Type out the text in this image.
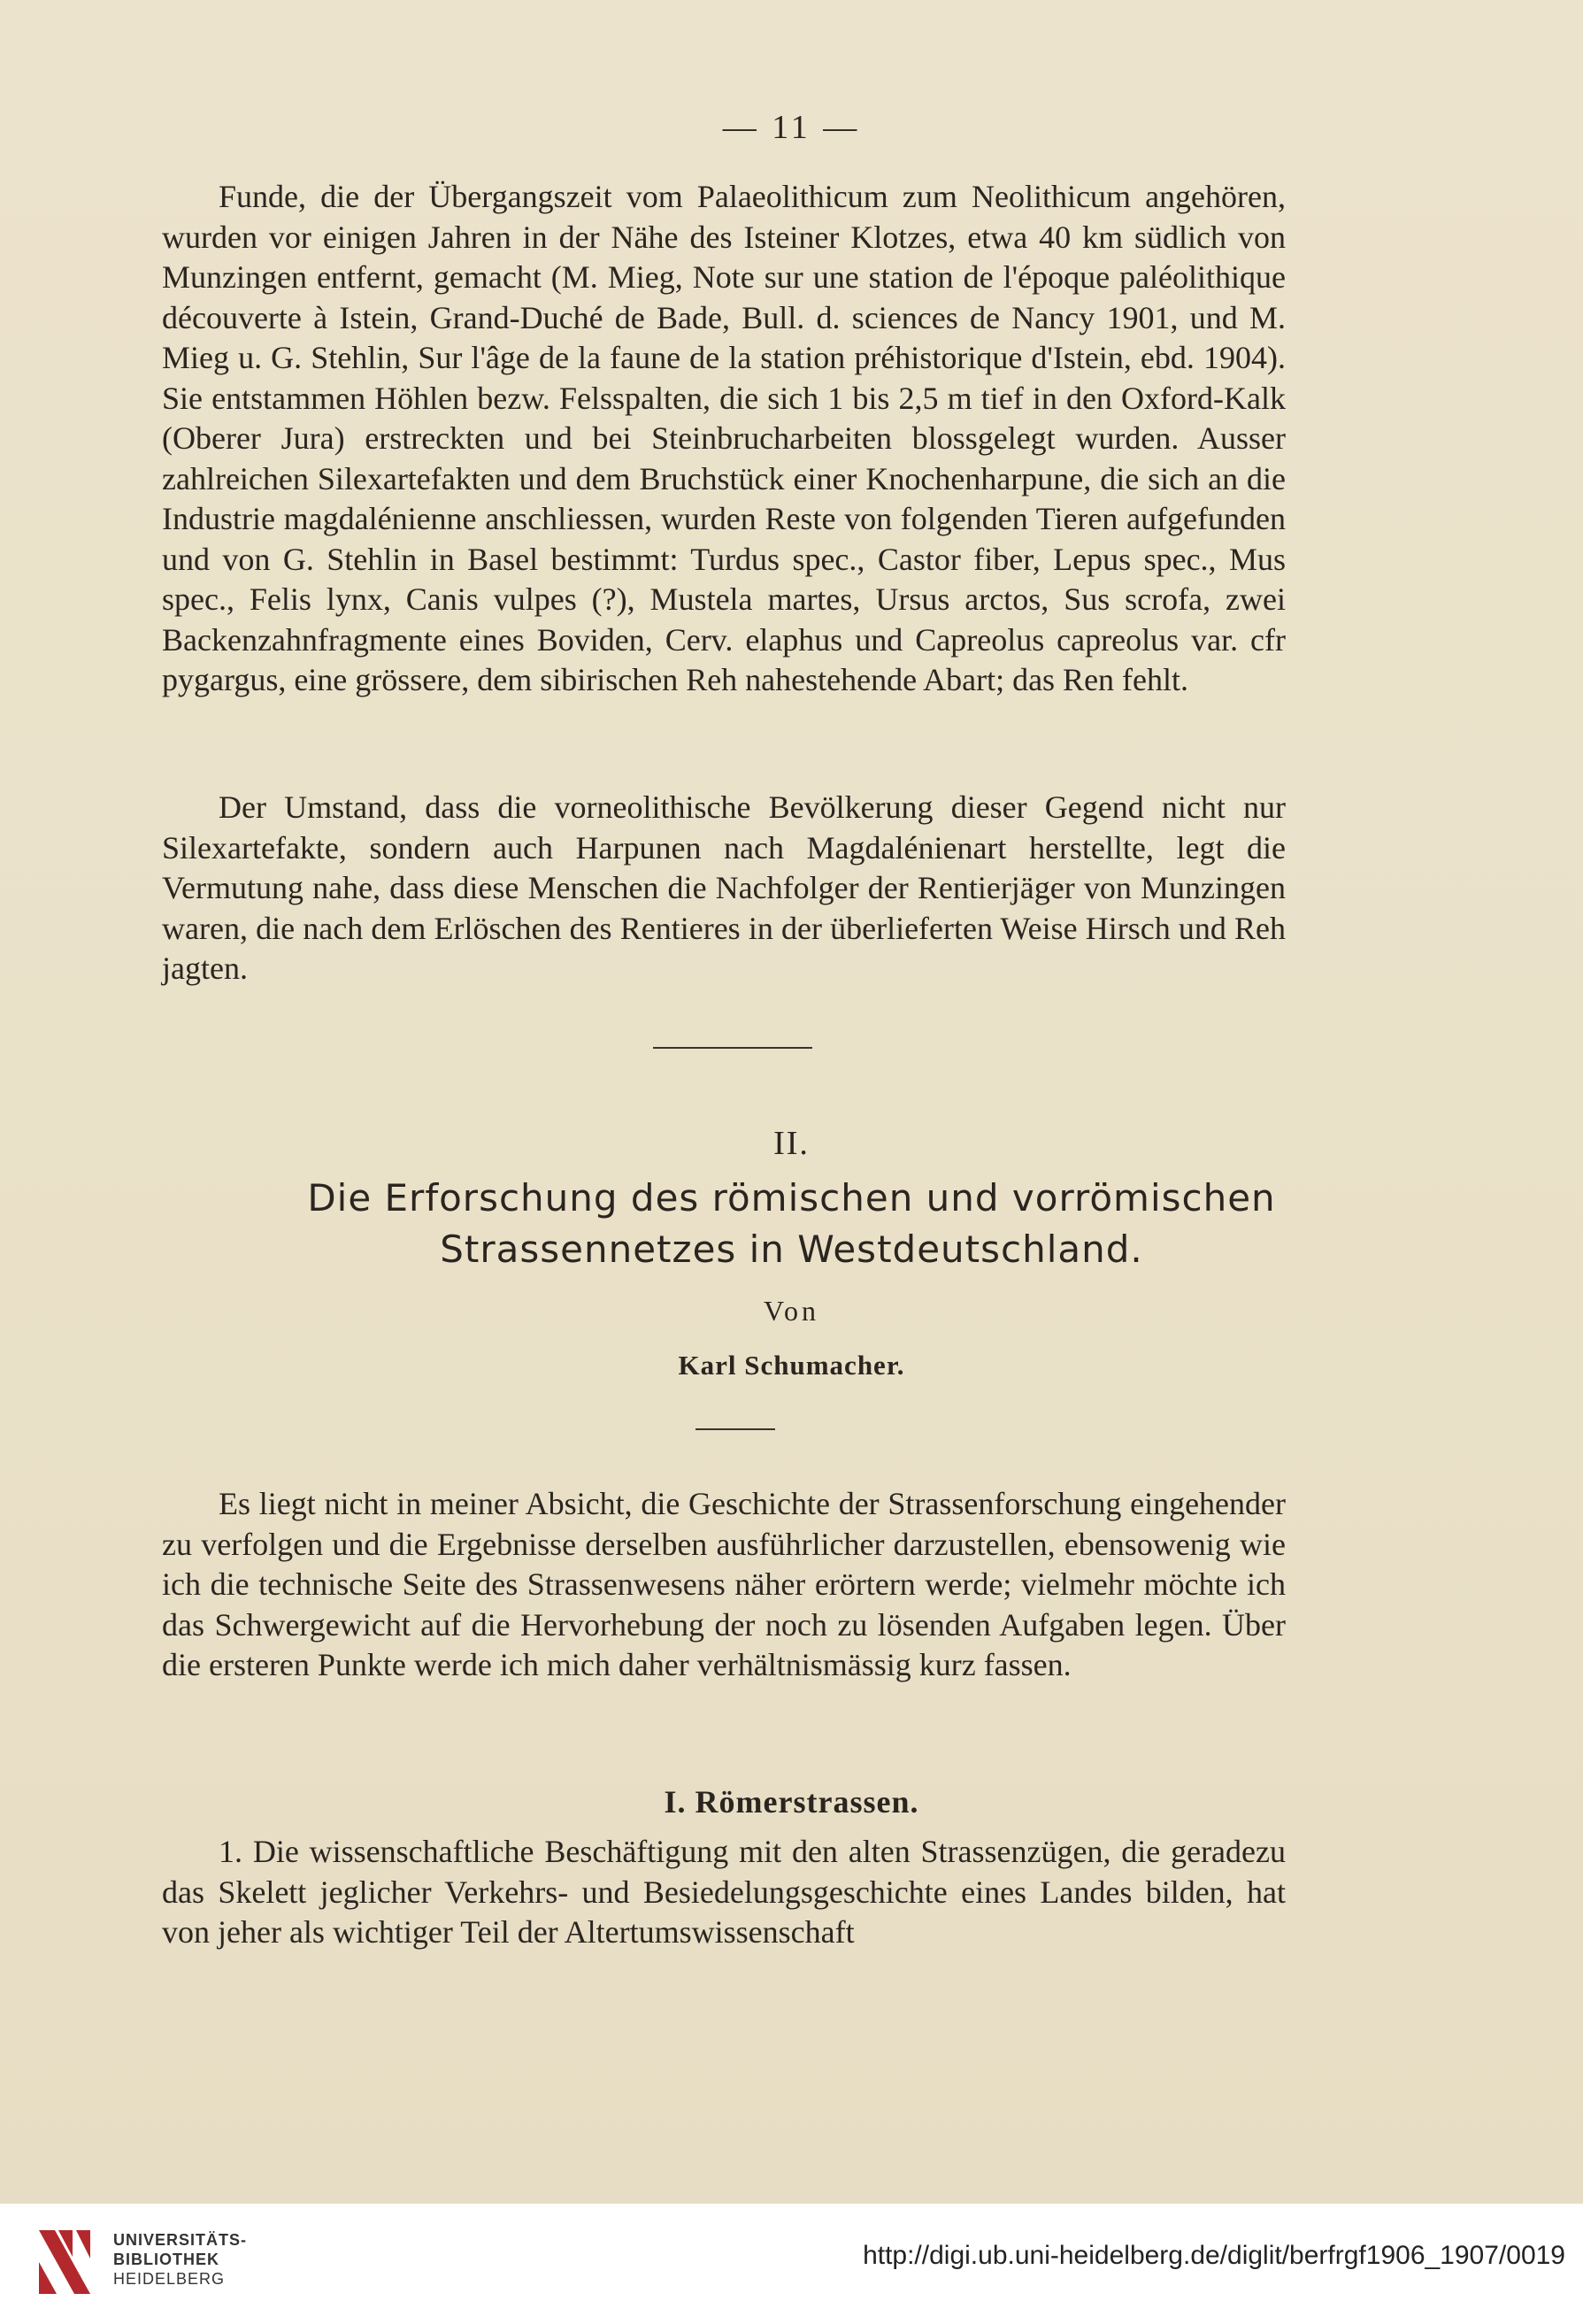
— 11 —

Funde, die der Übergangszeit vom Palaeolithicum zum Neolithicum angehören, wurden vor einigen Jahren in der Nähe des Isteiner Klotzes, etwa 40 km südlich von Munzingen entfernt, gemacht (M. Mieg, Note sur une station de l'époque paléolithique découverte à Istein, Grand-Duché de Bade, Bull. d. sciences de Nancy 1901, und M. Mieg u. G. Stehlin, Sur l'âge de la faune de la station préhistorique d'Istein, ebd. 1904). Sie entstammen Höhlen bezw. Felsspalten, die sich 1 bis 2,5 m tief in den Oxford-Kalk (Oberer Jura) erstreckten und bei Steinbrucharbeiten blossgelegt wurden. Ausser zahlreichen Silexartefakten und dem Bruchstück einer Knochenharpune, die sich an die Industrie magdalénienne anschliessen, wurden Reste von folgenden Tieren aufgefunden und von G. Stehlin in Basel bestimmt: Turdus spec., Castor fiber, Lepus spec., Mus spec., Felis lynx, Canis vulpes (?), Mustela martes, Ursus arctos, Sus scrofa, zwei Backenzahnfragmente eines Boviden, Cerv. elaphus und Capreolus capreolus var. cfr pygargus, eine grössere, dem sibirischen Reh nahestehende Abart; das Ren fehlt.

Der Umstand, dass die vorneolithische Bevölkerung dieser Gegend nicht nur Silexartefakte, sondern auch Harpunen nach Magdalénienart herstellte, legt die Vermutung nahe, dass diese Menschen die Nachfolger der Rentierjäger von Munzingen waren, die nach dem Erlöschen des Rentieres in der überlieferten Weise Hirsch und Reh jagten.

II.
Die Erforschung des römischen und vorrömischen
Strassennetzes in Westdeutschland.
Von
Karl Schumacher.

Es liegt nicht in meiner Absicht, die Geschichte der Strassenforschung eingehender zu verfolgen und die Ergebnisse derselben ausführlicher darzustellen, ebensowenig wie ich die technische Seite des Strassenwesens näher erörtern werde; vielmehr möchte ich das Schwergewicht auf die Hervorhebung der noch zu lösenden Aufgaben legen. Über die ersteren Punkte werde ich mich daher verhältnismässig kurz fassen.

I. Römerstrassen.

1. Die wissenschaftliche Beschäftigung mit den alten Strassenzügen, die geradezu das Skelett jeglicher Verkehrs- und Besiedelungsgeschichte eines Landes bilden, hat von jeher als wichtiger Teil der Altertumswissenschaft

UNIVERSITÄTS-
BIBLIOTHEK
HEIDELBERG
http://digi.ub.uni-heidelberg.de/diglit/berfrgf1906_1907/0019
